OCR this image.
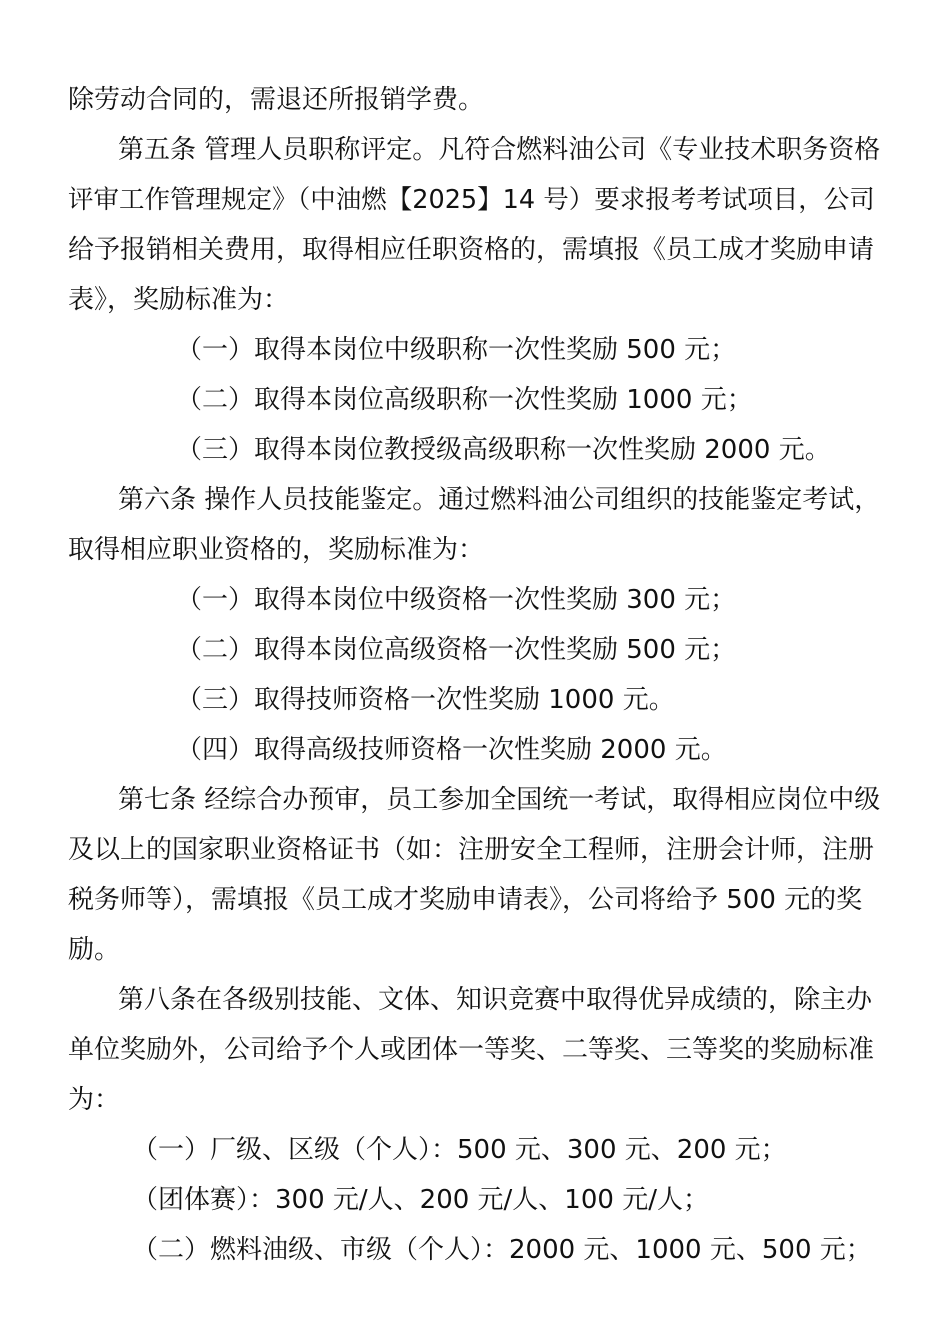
除劳动合同的，需退还所报销学费。
第五条 管理人员职称评定。凡符合燃料油公司《专业技术职务资格
评审工作管理规定》（中油燃【2025】14 号）要求报考考试项目，公司
给予报销相关费用，取得相应任职资格的，需填报《员工成才奖励申请
表》，奖励标准为：
（一）取得本岗位中级职称一次性奖励 500 元；
（二）取得本岗位高级职称一次性奖励 1000 元；
（三）取得本岗位教授级高级职称一次性奖励 2000 元。
第六条 操作人员技能鉴定。通过燃料油公司组织的技能鉴定考试，
取得相应职业资格的，奖励标准为：
（一）取得本岗位中级资格一次性奖励 300 元；
（二）取得本岗位高级资格一次性奖励 500 元；
（三）取得技师资格一次性奖励 1000 元。
（四）取得高级技师资格一次性奖励 2000 元。
第七条 经综合办预审，员工参加全国统一考试，取得相应岗位中级
及以上的国家职业资格证书（如：注册安全工程师，注册会计师，注册
税务师等），需填报《员工成才奖励申请表》，公司将给予 500 元的奖
励。
第八条在各级别技能、文体、知识竞赛中取得优异成绩的，除主办
单位奖励外，公司给予个人或团体一等奖、二等奖、三等奖的奖励标准
为：
（一）厂级、区级（个人）：500 元、300 元、200 元；
（团体赛）：300 元/人、200 元/人、100 元/人；
（二）燃料油级、市级（个人）：2000 元、1000 元、500 元；
